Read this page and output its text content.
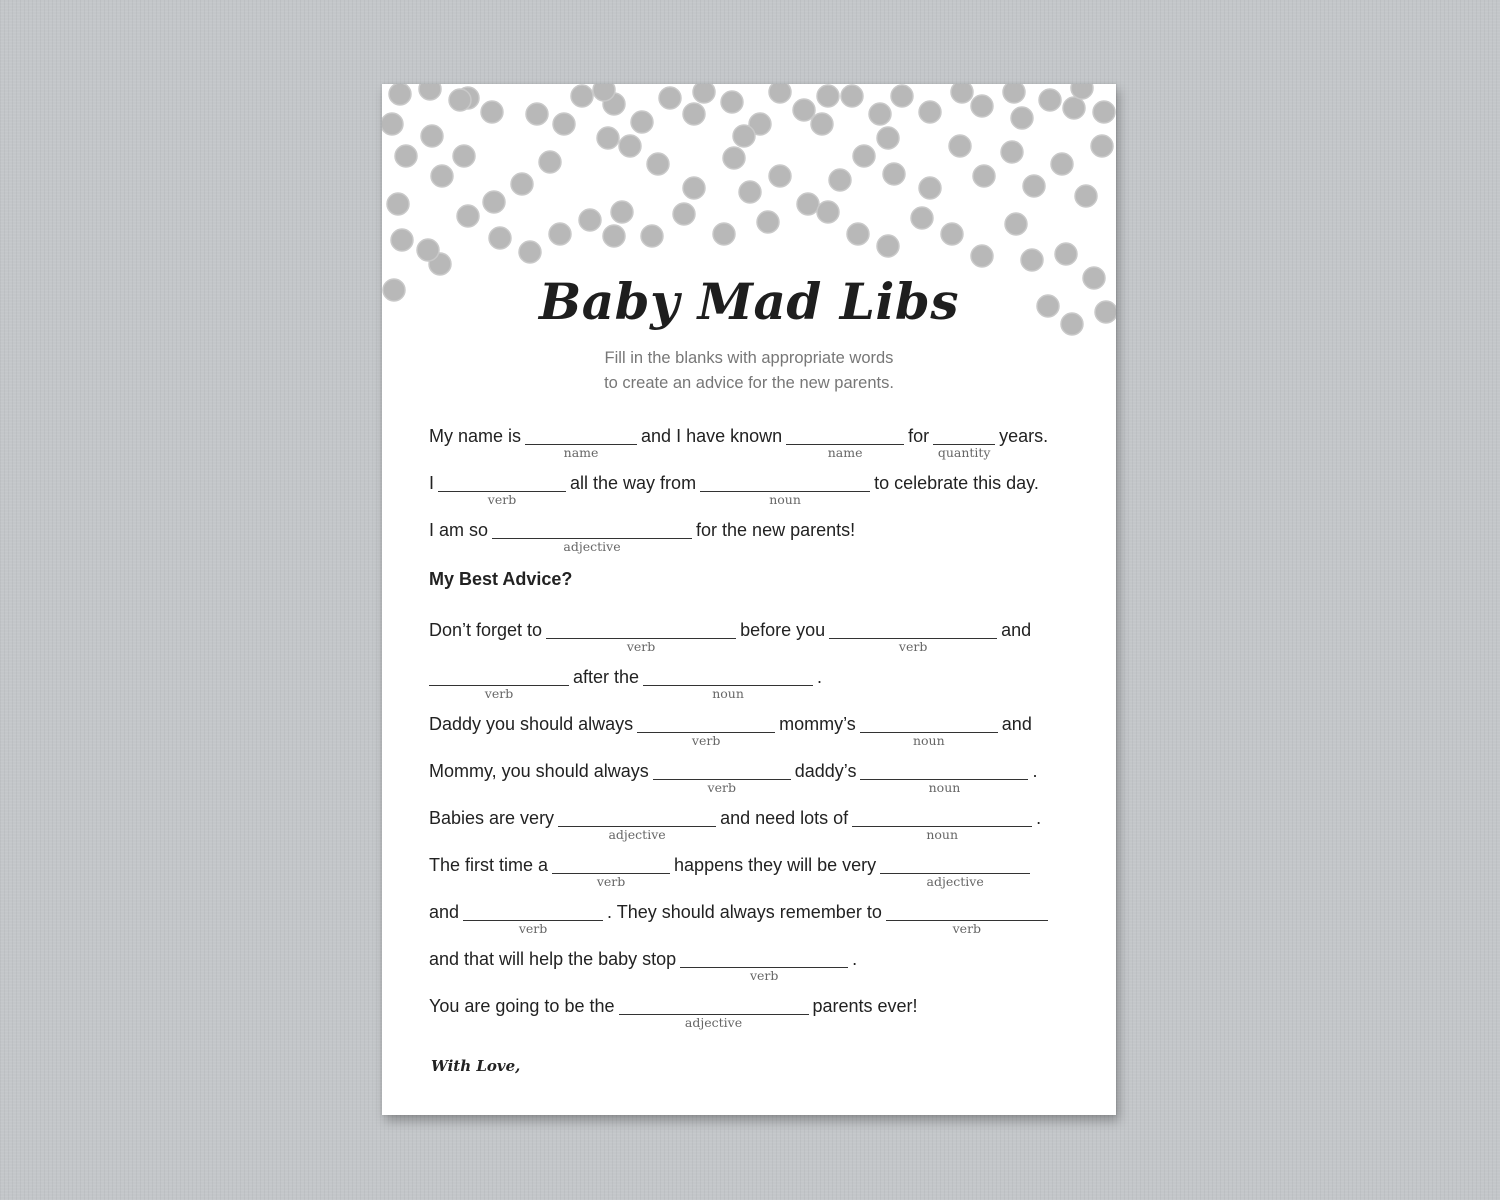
Baby Mad Libs
Fill in the blanks with appropriate words
to create an advice for the new parents.
My name is
name
and I have known
name
for
quantity
years.
I
verb
all the way from
noun
to celebrate this day.
I am so
adjective
for the new parents!
Don’t forget to
verb
before you
verb
and
verb
after the
noun
.
Daddy you should always
verb
mommy’s
noun
and
Mommy, you should always
verb
daddy’s
noun
.
Babies are very
adjective
and need lots of
noun
.
The first time a
verb
happens they will be very
adjective
and
verb
. They should always remember to
verb
and that will help the baby stop
verb
.
You are going to be the
adjective
parents ever!
My Best Advice?
With Love,
